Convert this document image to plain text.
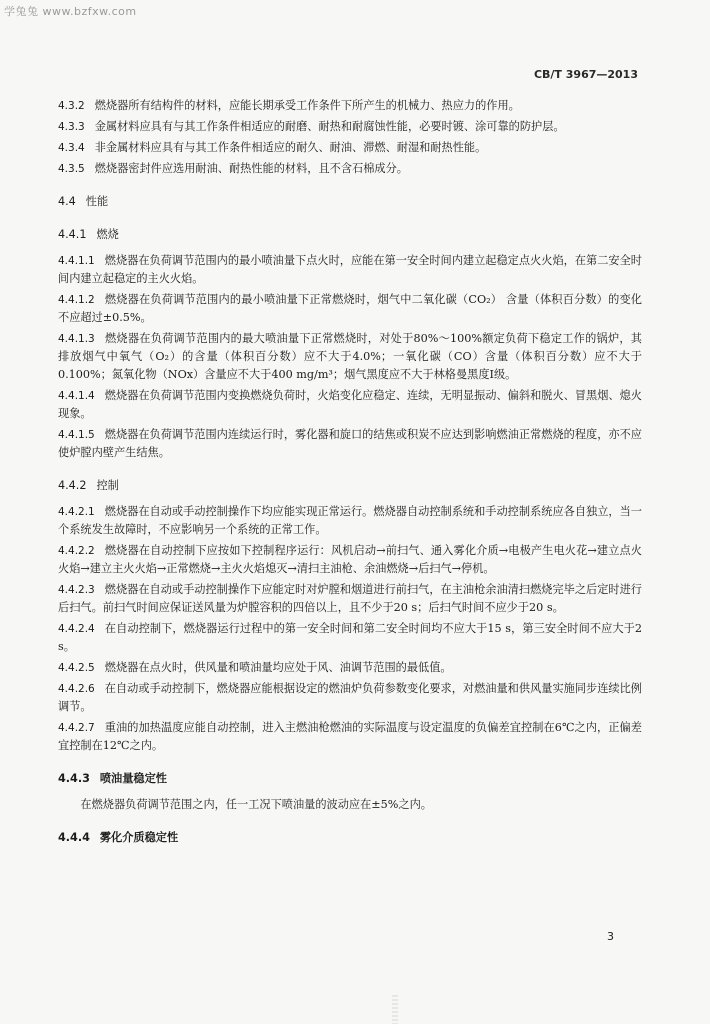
学兔兔 www.bzfxw.com
CB/T 3967—2013
4.3.2 燃烧器所有结构件的材料，应能长期承受工作条件下所产生的机械力、热应力的作用。
4.3.3 金属材料应具有与其工作条件相适应的耐磨、耐热和耐腐蚀性能，必要时镀、涂可靠的防护层。
4.3.4 非金属材料应具有与其工作条件相适应的耐久、耐油、滞燃、耐湿和耐热性能。
4.3.5 燃烧器密封件应选用耐油、耐热性能的材料，且不含石棉成分。
4.4 性能
4.4.1 燃烧
4.4.1.1 燃烧器在负荷调节范围内的最小喷油量下点火时，应能在第一安全时间内建立起稳定点火火焰，在第二安全时间内建立起稳定的主火火焰。
4.4.1.2 燃烧器在负荷调节范围内的最小喷油量下正常燃烧时，烟气中二氧化碳（CO₂） 含量（体积百分数）的变化不应超过±0.5%。
4.4.1.3 燃烧器在负荷调节范围内的最大喷油量下正常燃烧时，对处于80%～100%额定负荷下稳定工作的锅炉，其排放烟气中氧气（O₂）的含量（体积百分数）应不大于4.0%；一氧化碳（CO）含量（体积百分数）应不大于0.100%；氮氧化物（NOx）含量应不大于400 mg/m³；烟气黑度应不大于林格曼黑度Ⅰ级。
4.4.1.4 燃烧器在负荷调节范围内变换燃烧负荷时，火焰变化应稳定、连续，无明显振动、偏斜和脱火、冒黑烟、熄火现象。
4.4.1.5 燃烧器在负荷调节范围内连续运行时，雾化器和旋口的结焦或积炭不应达到影响燃油正常燃烧的程度，亦不应使炉膛内壁产生结焦。
4.4.2 控制
4.4.2.1 燃烧器在自动或手动控制操作下均应能实现正常运行。燃烧器自动控制系统和手动控制系统应各自独立，当一个系统发生故障时，不应影响另一个系统的正常工作。
4.4.2.2 燃烧器在自动控制下应按如下控制程序运行：风机启动→前扫气、通入雾化介质→电极产生电火花→建立点火火焰→建立主火火焰→正常燃烧→主火火焰熄灭→清扫主油枪、余油燃烧→后扫气→停机。
4.4.2.3 燃烧器在自动或手动控制操作下应能定时对炉膛和烟道进行前扫气，在主油枪余油清扫燃烧完毕之后定时进行后扫气。前扫气时间应保证送风量为炉膛容积的四倍以上，且不少于20 s；后扫气时间不应少于20 s。
4.4.2.4 在自动控制下，燃烧器运行过程中的第一安全时间和第二安全时间均不应大于15 s，第三安全时间不应大于2 s。
4.4.2.5 燃烧器在点火时，供风量和喷油量均应处于风、油调节范围的最低值。
4.4.2.6 在自动或手动控制下，燃烧器应能根据设定的燃油炉负荷参数变化要求，对燃油量和供风量实施同步连续比例调节。
4.4.2.7 重油的加热温度应能自动控制，进入主燃油枪燃油的实际温度与设定温度的负偏差宜控制在6℃之内，正偏差宜控制在12℃之内。
4.4.3 喷油量稳定性
在燃烧器负荷调节范围之内，任一工况下喷油量的波动应在±5%之内。
4.4.4 雾化介质稳定性
3
